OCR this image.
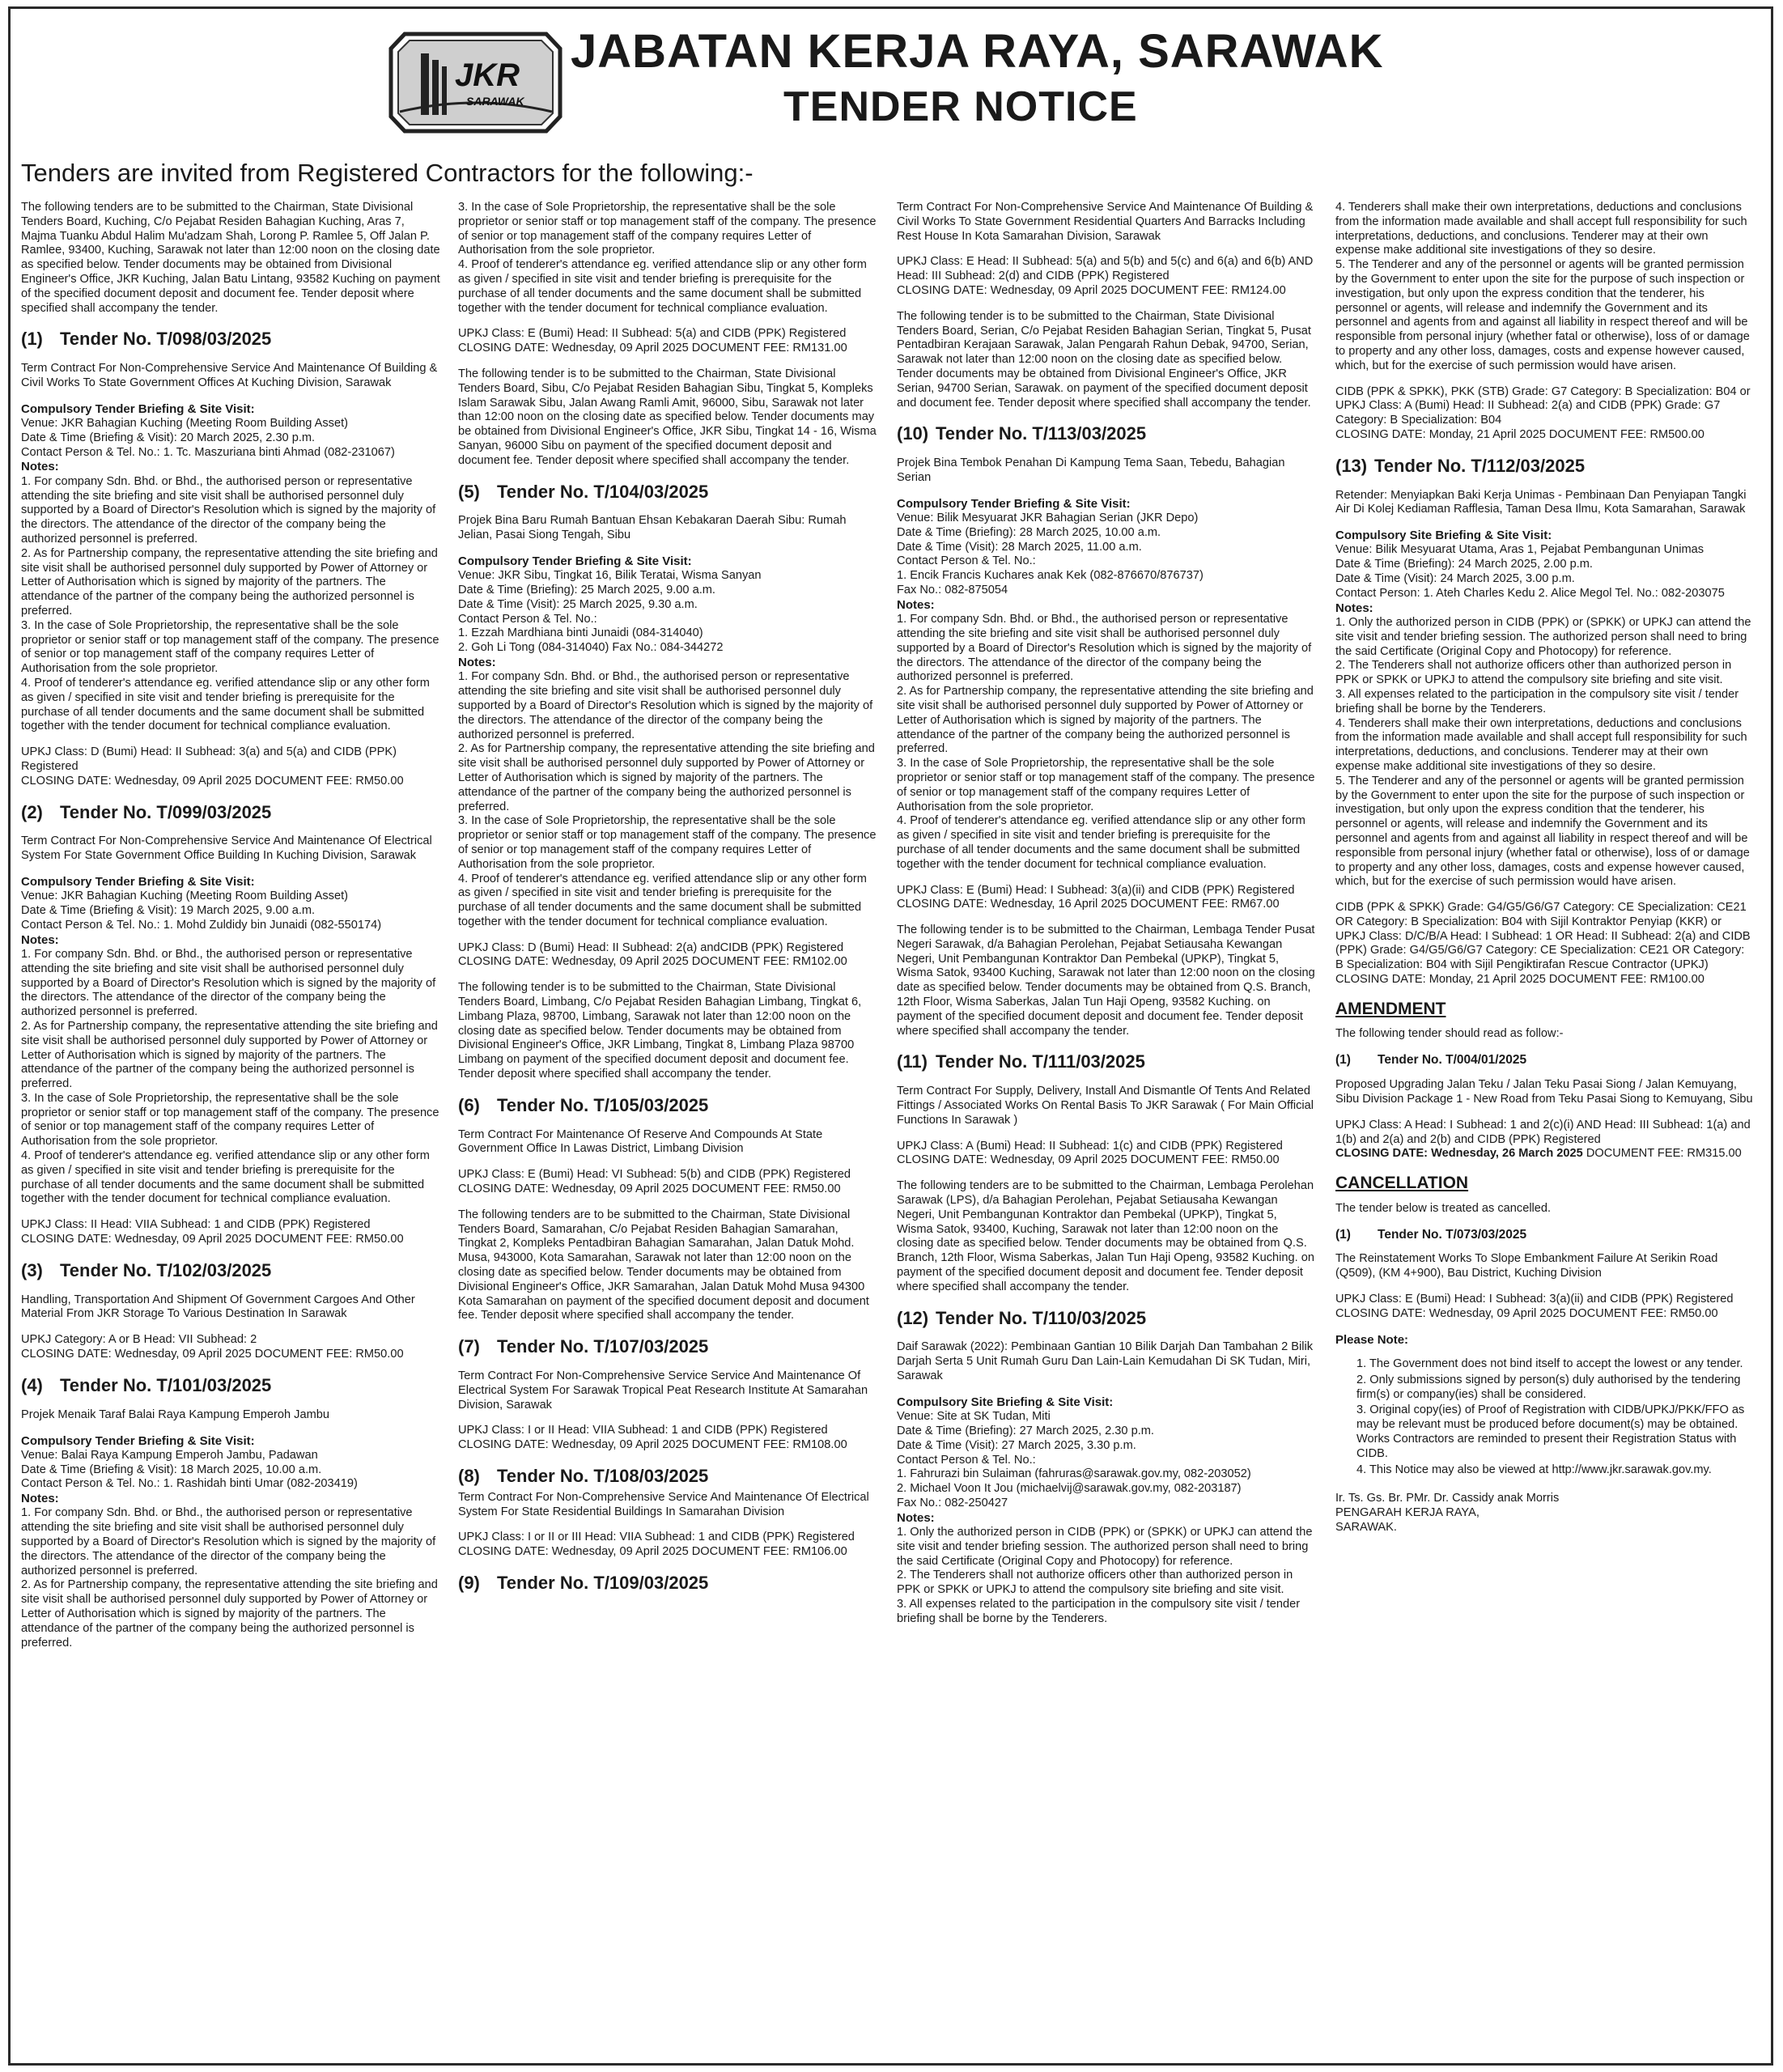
JKR
SARAWAK
JABATAN KERJA RAYA, SARAWAK
TENDER NOTICE
Tenders are invited from Registered Contractors for the following:-

The following tenders are to be submitted to the Chairman, State Divisional Tenders Board, Kuching, C/o Pejabat Residen Bahagian Kuching, Aras 7, Majma Tuanku Abdul Halim Mu'adzam Shah, Lorong P. Ramlee 5, Off Jalan P. Ramlee, 93400, Kuching, Sarawak not later than 12:00 noon on the closing date as specified below. Tender documents may be obtained from Divisional Engineer's Office, JKR Kuching, Jalan Batu Lintang, 93582 Kuching on payment of the specified document deposit and document fee. Tender deposit where specified shall accompany the tender.

(1) Tender No. T/098/03/2025

Term Contract For Non-Comprehensive Service And Maintenance Of Building & Civil Works To State Government Offices At Kuching Division, Sarawak

Compulsory Tender Briefing & Site Visit:
Venue: JKR Bahagian Kuching (Meeting Room Building Asset)
Date & Time (Briefing & Visit): 20 March 2025, 2.30 p.m.
Contact Person & Tel. No.: 1. Tc. Maszuriana binti Ahmad (082-231067)
Notes:

1. For company Sdn. Bhd. or Bhd., the authorised person or representative attending the site briefing and site visit shall be authorised personnel duly supported by a Board of Director's Resolution which is signed by the majority of the directors. The attendance of the director of the company being the authorized personnel is preferred.
2. As for Partnership company, the representative attending the site briefing and site visit shall be authorised personnel duly supported by Power of Attorney or Letter of Authorisation which is signed by majority of the partners. The attendance of the partner of the company being the authorized personnel is preferred.
3. In the case of Sole Proprietorship, the representative shall be the sole proprietor or senior staff or top management staff of the company. The presence of senior or top management staff of the company requires Letter of Authorisation from the sole proprietor.
4. Proof of tenderer's attendance eg. verified attendance slip or any other form as given / specified in site visit and tender briefing is prerequisite for the purchase of all tender documents and the same document shall be submitted together with the tender document for technical compliance evaluation.

UPKJ Class: D (Bumi) Head: II Subhead: 3(a) and 5(a) and CIDB (PPK) Registered
CLOSING DATE: Wednesday, 09 April 2025 DOCUMENT FEE: RM50.00

(2) Tender No. T/099/03/2025

Term Contract For Non-Comprehensive Service And Maintenance Of Electrical System For State Government Office Building In Kuching Division, Sarawak

Compulsory Tender Briefing & Site Visit:
Venue: JKR Bahagian Kuching (Meeting Room Building Asset)
Date & Time (Briefing & Visit): 19 March 2025, 9.00 a.m.
Contact Person & Tel. No.: 1. Mohd Zuldidy bin Junaidi (082-550174)
Notes:

1. For company Sdn. Bhd. or Bhd., the authorised person or representative attending the site briefing and site visit shall be authorised personnel duly supported by a Board of Director's Resolution which is signed by the majority of the directors. The attendance of the director of the company being the authorized personnel is preferred.
2. As for Partnership company, the representative attending the site briefing and site visit shall be authorised personnel duly supported by Power of Attorney or Letter of Authorisation which is signed by majority of the partners. The attendance of the partner of the company being the authorized personnel is preferred.
3. In the case of Sole Proprietorship, the representative shall be the sole proprietor or senior staff or top management staff of the company. The presence of senior or top management staff of the company requires Letter of Authorisation from the sole proprietor.
4. Proof of tenderer's attendance eg. verified attendance slip or any other form as given / specified in site visit and tender briefing is prerequisite for the purchase of all tender documents and the same document shall be submitted together with the tender document for technical compliance evaluation.

UPKJ Class: II Head: VIIA Subhead: 1 and CIDB (PPK) Registered
CLOSING DATE: Wednesday, 09 April 2025 DOCUMENT FEE: RM50.00

(3) Tender No. T/102/03/2025

Handling, Transportation And Shipment Of Government Cargoes And Other Material From JKR Storage To Various Destination In Sarawak

UPKJ Category: A or B Head: VII Subhead: 2
CLOSING DATE: Wednesday, 09 April 2025 DOCUMENT FEE: RM50.00

(4) Tender No. T/101/03/2025

Projek Menaik Taraf Balai Raya Kampung Emperoh Jambu

Compulsory Tender Briefing & Site Visit:
Venue: Balai Raya Kampung Emperoh Jambu, Padawan
Date & Time (Briefing & Visit): 18 March 2025, 10.00 a.m.
Contact Person & Tel. No.: 1. Rashidah binti Umar (082-203419)
Notes:

1. For company Sdn. Bhd. or Bhd., the authorised person or representative attending the site briefing and site visit shall be authorised personnel duly supported by a Board of Director's Resolution which is signed by the majority of the directors. The attendance of the director of the company being the authorized personnel is preferred.
2. As for Partnership company, the representative attending the site briefing and site visit shall be authorised personnel duly supported by Power of Attorney or Letter of Authorisation which is signed by majority of the partners. The attendance of the partner of the company being the authorized personnel is preferred.

3. In the case of Sole Proprietorship, the representative shall be the sole proprietor or senior staff or top management staff of the company. The presence of senior or top management staff of the company requires Letter of Authorisation from the sole proprietor.
4. Proof of tenderer's attendance eg. verified attendance slip or any other form as given / specified in site visit and tender briefing is prerequisite for the purchase of all tender documents and the same document shall be submitted together with the tender document for technical compliance evaluation.

UPKJ Class: E (Bumi) Head: II Subhead: 5(a) and CIDB (PPK) Registered
CLOSING DATE: Wednesday, 09 April 2025 DOCUMENT FEE: RM131.00

The following tender is to be submitted to the Chairman, State Divisional Tenders Board, Sibu, C/o Pejabat Residen Bahagian Sibu, Tingkat 5, Kompleks Islam Sarawak Sibu, Jalan Awang Ramli Amit, 96000, Sibu, Sarawak not later than 12:00 noon on the closing date as specified below. Tender documents may be obtained from Divisional Engineer's Office, JKR Sibu, Tingkat 14 - 16, Wisma Sanyan, 96000 Sibu on payment of the specified document deposit and document fee. Tender deposit where specified shall accompany the tender.

(5) Tender No. T/104/03/2025

Projek Bina Baru Rumah Bantuan Ehsan Kebakaran Daerah Sibu: Rumah Jelian, Pasai Siong Tengah, Sibu

Compulsory Tender Briefing & Site Visit:
Venue: JKR Sibu, Tingkat 16, Bilik Teratai, Wisma Sanyan
Date & Time (Briefing): 25 March 2025, 9.00 a.m.
Date & Time (Visit): 25 March 2025, 9.30 a.m.
Contact Person & Tel. No.:
1. Ezzah Mardhiana binti Junaidi (084-314040)
2. Goh Li Tong (084-314040) Fax No.: 084-344272
Notes:

1. For company Sdn. Bhd. or Bhd., the authorised person or representative attending the site briefing and site visit shall be authorised personnel duly supported by a Board of Director's Resolution which is signed by the majority of the directors. The attendance of the director of the company being the authorized personnel is preferred.
2. As for Partnership company, the representative attending the site briefing and site visit shall be authorised personnel duly supported by Power of Attorney or Letter of Authorisation which is signed by majority of the partners. The attendance of the partner of the company being the authorized personnel is preferred.
3. In the case of Sole Proprietorship, the representative shall be the sole proprietor or senior staff or top management staff of the company. The presence of senior or top management staff of the company requires Letter of Authorisation from the sole proprietor.
4. Proof of tenderer's attendance eg. verified attendance slip or any other form as given / specified in site visit and tender briefing is prerequisite for the purchase of all tender documents and the same document shall be submitted together with the tender document for technical compliance evaluation.

UPKJ Class: D (Bumi) Head: II Subhead: 2(a) andCIDB (PPK) Registered
CLOSING DATE: Wednesday, 09 April 2025 DOCUMENT FEE: RM102.00

The following tender is to be submitted to the Chairman, State Divisional Tenders Board, Limbang, C/o Pejabat Residen Bahagian Limbang, Tingkat 6, Limbang Plaza, 98700, Limbang, Sarawak not later than 12:00 noon on the closing date as specified below. Tender documents may be obtained from Divisional Engineer's Office, JKR Limbang, Tingkat 8, Limbang Plaza 98700 Limbang on payment of the specified document deposit and document fee. Tender deposit where specified shall accompany the tender.

(6) Tender No. T/105/03/2025

Term Contract For Maintenance Of Reserve And Compounds At State Government Office In Lawas District, Limbang Division

UPKJ Class: E (Bumi) Head: VI Subhead: 5(b) and CIDB (PPK) Registered
CLOSING DATE: Wednesday, 09 April 2025 DOCUMENT FEE: RM50.00

The following tenders are to be submitted to the Chairman, State Divisional Tenders Board, Samarahan, C/o Pejabat Residen Bahagian Samarahan, Tingkat 2, Kompleks Pentadbiran Bahagian Samarahan, Jalan Datuk Mohd. Musa, 943000, Kota Samarahan, Sarawak not later than 12:00 noon on the closing date as specified below. Tender documents may be obtained from Divisional Engineer's Office, JKR Samarahan, Jalan Datuk Mohd Musa 94300 Kota Samarahan on payment of the specified document deposit and document fee. Tender deposit where specified shall accompany the tender.

(7) Tender No. T/107/03/2025

Term Contract For Non-Comprehensive Service Service And Maintenance Of Electrical System For Sarawak Tropical Peat Research Institute At Samarahan Division, Sarawak

UPKJ Class: I or II Head: VIIA Subhead: 1 and CIDB (PPK) Registered
CLOSING DATE: Wednesday, 09 April 2025 DOCUMENT FEE: RM108.00

(8) Tender No. T/108/03/2025

Term Contract For Non-Comprehensive Service And Maintenance Of Electrical System For State Residential Buildings In Samarahan Division

UPKJ Class: I or II or III Head: VIIA Subhead: 1 and CIDB (PPK) Registered
CLOSING DATE: Wednesday, 09 April 2025 DOCUMENT FEE: RM106.00

(9) Tender No. T/109/03/2025

Term Contract For Non-Comprehensive Service And Maintenance Of Building & Civil Works To State Government Residential Quarters And Barracks Including Rest House In Kota Samarahan Division, Sarawak

UPKJ Class: E Head: II Subhead: 5(a) and 5(b) and 5(c) and 6(a) and 6(b) AND Head: III Subhead: 2(d) and CIDB (PPK) Registered
CLOSING DATE: Wednesday, 09 April 2025 DOCUMENT FEE: RM124.00

The following tender is to be submitted to the Chairman, State Divisional Tenders Board, Serian, C/o Pejabat Residen Bahagian Serian, Tingkat 5, Pusat Pentadbiran Kerajaan Sarawak, Jalan Pengarah Rahun Debak, 94700, Serian, Sarawak not later than 12:00 noon on the closing date as specified below. Tender documents may be obtained from Divisional Engineer's Office, JKR Serian, 94700 Serian, Sarawak. on payment of the specified document deposit and document fee. Tender deposit where specified shall accompany the tender.

(10) Tender No. T/113/03/2025

Projek Bina Tembok Penahan Di Kampung Tema Saan, Tebedu, Bahagian Serian

Compulsory Tender Briefing & Site Visit:
Venue: Bilik Mesyuarat JKR Bahagian Serian (JKR Depo)
Date & Time (Briefing): 28 March 2025, 10.00 a.m.
Date & Time (Visit): 28 March 2025, 11.00 a.m.
Contact Person & Tel. No.:
1. Encik Francis Kuchares anak Kek (082-876670/876737)
Fax No.: 082-875054
Notes:

1. For company Sdn. Bhd. or Bhd., the authorised person or representative attending the site briefing and site visit shall be authorised personnel duly supported by a Board of Director's Resolution which is signed by the majority of the directors. The attendance of the director of the company being the authorized personnel is preferred.
2. As for Partnership company, the representative attending the site briefing and site visit shall be authorised personnel duly supported by Power of Attorney or Letter of Authorisation which is signed by majority of the partners. The attendance of the partner of the company being the authorized personnel is preferred.
3. In the case of Sole Proprietorship, the representative shall be the sole proprietor or senior staff or top management staff of the company. The presence of senior or top management staff of the company requires Letter of Authorisation from the sole proprietor.
4. Proof of tenderer's attendance eg. verified attendance slip or any other form as given / specified in site visit and tender briefing is prerequisite for the purchase of all tender documents and the same document shall be submitted together with the tender document for technical compliance evaluation.

UPKJ Class: E (Bumi) Head: I Subhead: 3(a)(ii) and CIDB (PPK) Registered
CLOSING DATE: Wednesday, 16 April 2025 DOCUMENT FEE: RM67.00

The following tender is to be submitted to the Chairman, Lembaga Tender Pusat Negeri Sarawak, d/a Bahagian Perolehan, Pejabat Setiausaha Kewangan Negeri, Unit Pembangunan Kontraktor Dan Pembekal (UPKP), Tingkat 5, Wisma Satok, 93400 Kuching, Sarawak not later than 12:00 noon on the closing date as specified below. Tender documents may be obtained from Q.S. Branch, 12th Floor, Wisma Saberkas, Jalan Tun Haji Openg, 93582 Kuching. on payment of the specified document deposit and document fee. Tender deposit where specified shall accompany the tender.

(11) Tender No. T/111/03/2025

Term Contract For Supply, Delivery, Install And Dismantle Of Tents And Related Fittings / Associated Works On Rental Basis To JKR Sarawak ( For Main Official Functions In Sarawak )

UPKJ Class: A (Bumi) Head: II Subhead: 1(c) and CIDB (PPK) Registered
CLOSING DATE: Wednesday, 09 April 2025 DOCUMENT FEE: RM50.00

The following tenders are to be submitted to the Chairman, Lembaga Perolehan Sarawak (LPS), d/a Bahagian Perolehan, Pejabat Setiausaha Kewangan Negeri, Unit Pembangunan Kontraktor dan Pembekal (UPKP), Tingkat 5, Wisma Satok, 93400, Kuching, Sarawak not later than 12:00 noon on the closing date as specified below. Tender documents may be obtained from Q.S. Branch, 12th Floor, Wisma Saberkas, Jalan Tun Haji Openg, 93582 Kuching. on payment of the specified document deposit and document fee. Tender deposit where specified shall accompany the tender.

(12) Tender No. T/110/03/2025

Daif Sarawak (2022): Pembinaan Gantian 10 Bilik Darjah Dan Tambahan 2 Bilik Darjah Serta 5 Unit Rumah Guru Dan Lain-Lain Kemudahan Di SK Tudan, Miri, Sarawak

Compulsory Site Briefing & Site Visit:
Venue: Site at SK Tudan, Miti
Date & Time (Briefing): 27 March 2025, 2.30 p.m.
Date & Time (Visit): 27 March 2025, 3.30 p.m.
Contact Person & Tel. No.:
1. Fahrurazi bin Sulaiman (fahruras@sarawak.gov.my, 082-203052)
2. Michael Voon It Jou (michaelvij@sarawak.gov.my, 082-203187)
Fax No.: 082-250427
Notes:

1. Only the authorized person in CIDB (PPK) or (SPKK) or UPKJ can attend the site visit and tender briefing session. The authorized person shall need to bring the said Certificate (Original Copy and Photocopy) for reference.
2. The Tenderers shall not authorize officers other than authorized person in PPK or SPKK or UPKJ to attend the compulsory site briefing and site visit.
3. All expenses related to the participation in the compulsory site visit / tender briefing shall be borne by the Tenderers.

4. Tenderers shall make their own interpretations, deductions and conclusions from the information made available and shall accept full responsibility for such interpretations, deductions, and conclusions. Tenderer may at their own expense make additional site investigations of they so desire.
5. The Tenderer and any of the personnel or agents will be granted permission by the Government to enter upon the site for the purpose of such inspection or investigation, but only upon the express condition that the tenderer, his personnel or agents, will release and indemnify the Government and its personnel and agents from and against all liability in respect thereof and will be responsible from personal injury (whether fatal or otherwise), loss of or damage to property and any other loss, damages, costs and expense however caused, which, but for the exercise of such permission would have arisen.

CIDB (PPK & SPKK), PKK (STB) Grade: G7 Category: B Specialization: B04 or UPKJ Class: A (Bumi) Head: II Subhead: 2(a) and CIDB (PPK) Grade: G7 Category: B Specialization: B04
CLOSING DATE: Monday, 21 April 2025 DOCUMENT FEE: RM500.00

(13) Tender No. T/112/03/2025

Retender: Menyiapkan Baki Kerja Unimas - Pembinaan Dan Penyiapan Tangki Air Di Kolej Kediaman Rafflesia, Taman Desa Ilmu, Kota Samarahan, Sarawak

Compulsory Site Briefing & Site Visit:
Venue: Bilik Mesyuarat Utama, Aras 1, Pejabat Pembangunan Unimas
Date & Time (Briefing): 24 March 2025, 2.00 p.m.
Date & Time (Visit): 24 March 2025, 3.00 p.m.
Contact Person: 1. Ateh Charles Kedu 2. Alice Megol Tel. No.: 082-203075
Notes:

1. Only the authorized person in CIDB (PPK) or (SPKK) or UPKJ can attend the site visit and tender briefing session. The authorized person shall need to bring the said Certificate (Original Copy and Photocopy) for reference.
2. The Tenderers shall not authorize officers other than authorized person in PPK or SPKK or UPKJ to attend the compulsory site briefing and site visit.
3. All expenses related to the participation in the compulsory site visit / tender briefing shall be borne by the Tenderers.
4. Tenderers shall make their own interpretations, deductions and conclusions from the information made available and shall accept full responsibility for such interpretations, deductions, and conclusions. Tenderer may at their own expense make additional site investigations of they so desire.
5. The Tenderer and any of the personnel or agents will be granted permission by the Government to enter upon the site for the purpose of such inspection or investigation, but only upon the express condition that the tenderer, his personnel or agents, will release and indemnify the Government and its personnel and agents from and against all liability in respect thereof and will be responsible from personal injury (whether fatal or otherwise), loss of or damage to property and any other loss, damages, costs and expense however caused, which, but for the exercise of such permission would have arisen.

CIDB (PPK & SPKK) Grade: G4/G5/G6/G7 Category: CE Specialization: CE21 OR Category: B Specialization: B04 with Sijil Kontraktor Penyiap (KKR) or UPKJ Class: D/C/B/A Head: I Subhead: 1 OR Head: II Subhead: 2(a) and CIDB (PPK) Grade: G4/G5/G6/G7 Category: CE Specialization: CE21 OR Category: B Specialization: B04 with Sijil Pengiktirafan Rescue Contractor (UPKJ)
CLOSING DATE: Monday, 21 April 2025 DOCUMENT FEE: RM100.00

AMENDMENT

The following tender should read as follow:-

(1) Tender No. T/004/01/2025

Proposed Upgrading Jalan Teku / Jalan Teku Pasai Siong / Jalan Kemuyang, Sibu Division Package 1 - New Road from Teku Pasai Siong to Kemuyang, Sibu

UPKJ Class: A Head: I Subhead: 1 and 2(c)(i) AND Head: III Subhead: 1(a) and 1(b) and 2(a) and 2(b) and CIDB (PPK) Registered
CLOSING DATE: Wednesday, 26 March 2025 DOCUMENT FEE: RM315.00

CANCELLATION

The tender below is treated as cancelled.

(1) Tender No. T/073/03/2025

The Reinstatement Works To Slope Embankment Failure At Serikin Road (Q509), (KM 4+900), Bau District, Kuching Division

UPKJ Class: E (Bumi) Head: I Subhead: 3(a)(ii) and CIDB (PPK) Registered
CLOSING DATE: Wednesday, 09 April 2025 DOCUMENT FEE: RM50.00

Please Note:
1. The Government does not bind itself to accept the lowest or any tender.
2. Only submissions signed by person(s) duly authorised by the tendering firm(s) or company(ies) shall be considered.
3. Original copy(ies) of Proof of Registration with CIDB/UPKJ/PKK/FFO as may be relevant must be produced before document(s) may be obtained. Works Contractors are reminded to present their Registration Status with CIDB.
4. This Notice may also be viewed at http://www.jkr.sarawak.gov.my.
Ir. Ts. Gs. Br. PMr. Dr. Cassidy anak Morris
PENGARAH KERJA RAYA,
SARAWAK.
